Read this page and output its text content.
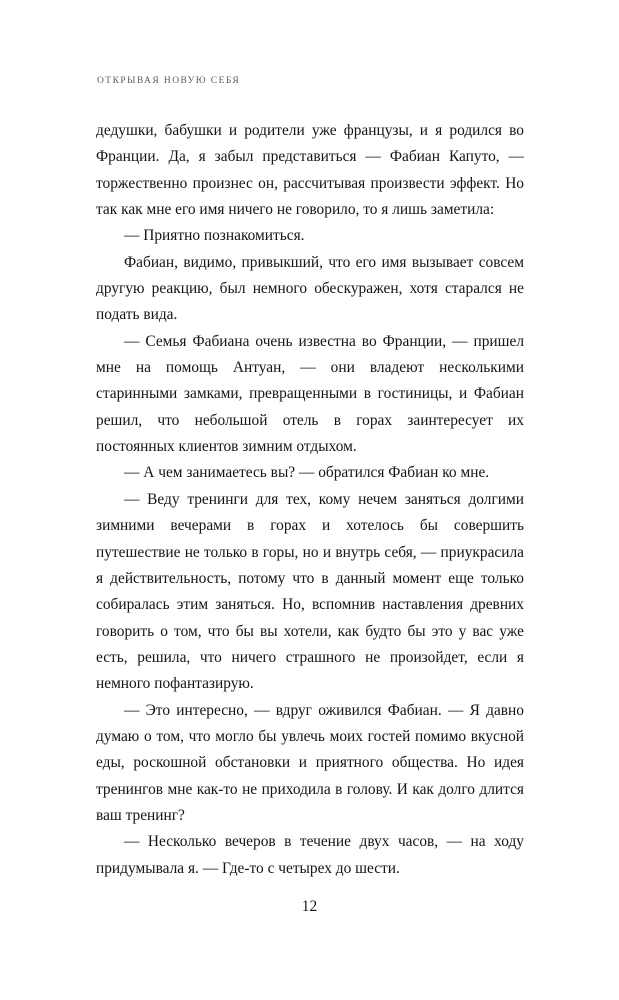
ОТКРЫВАЯ НОВУЮ СЕБЯ

дедушки, бабушки и родители уже французы, и я родился во Франции. Да, я забыл представиться — Фабиан Капуто, — торжественно произнес он, рассчитывая произвести эффект. Но так как мне его имя ничего не говорило, то я лишь заметила:

— Приятно познакомиться.

Фабиан, видимо, привыкший, что его имя вызывает совсем другую реакцию, был немного обескуражен, хотя старался не подать вида.

— Семья Фабиана очень известна во Франции, — пришел мне на помощь Антуан, — они владеют несколькими старинными замками, превращенными в гостиницы, и Фабиан решил, что небольшой отель в горах заинтересует их постоянных клиентов зимним отдыхом.

— А чем занимаетесь вы? — обратился Фабиан ко мне.

— Веду тренинги для тех, кому нечем заняться долгими зимними вечерами в горах и хотелось бы совершить путешествие не только в горы, но и внутрь себя, — приукрасила я действительность, потому что в данный момент еще только собиралась этим заняться. Но, вспомнив наставления древних говорить о том, что бы вы хотели, как будто бы это у вас уже есть, решила, что ничего страшного не произойдет, если я немного пофантазирую.

— Это интересно, — вдруг оживился Фабиан. — Я давно думаю о том, что могло бы увлечь моих гостей помимо вкусной еды, роскошной обстановки и приятного общества. Но идея тренингов мне как-то не приходила в голову. И как долго длится ваш тренинг?

— Несколько вечеров в течение двух часов, — на ходу придумывала я. — Где-то с четырех до шести.

12
